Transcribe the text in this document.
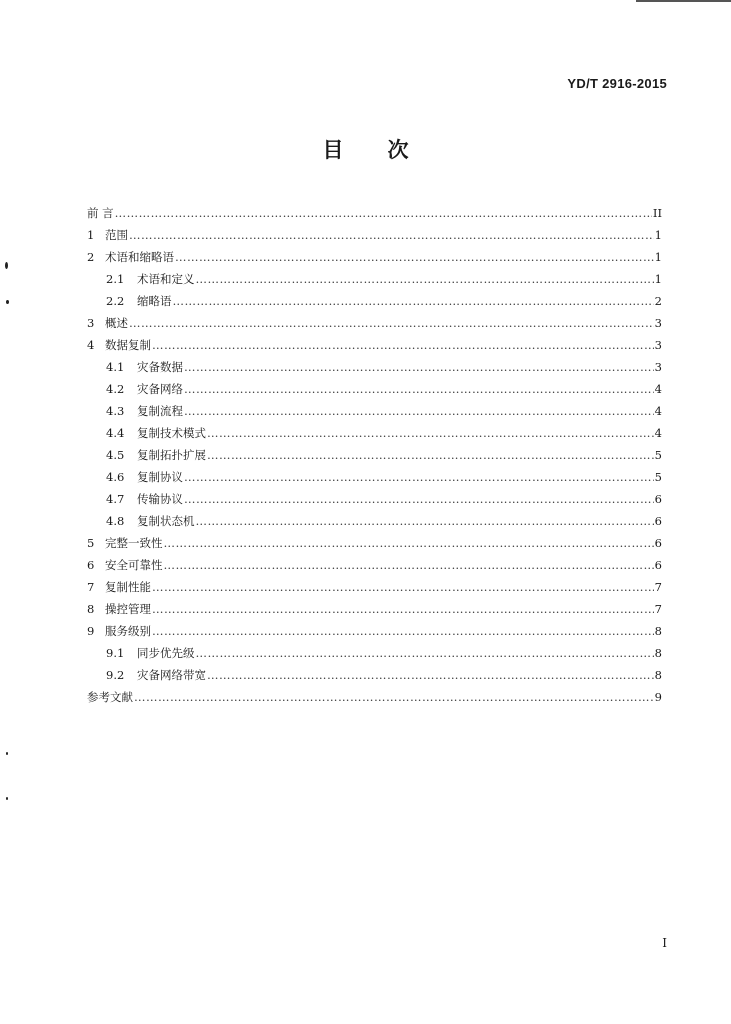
YD/T 2916-2015
目 次
前 言 …………………………………………………………………………………………………………………………………………………………………………………………………………………………………………	II
1 范围 …………………………………………………………………………………………………………………………………………………………………………………………………………………………………………	1
2 术语和缩略语 …………………………………………………………………………………………………………………………………………………………………………………………………………………………………………	1
2.1	术语和定义 …………………………………………………………………………………………………………………………………………………………………………………………………………………………………………	1
2.2	缩略语 …………………………………………………………………………………………………………………………………………………………………………………………………………………………………………	2
3 概述 …………………………………………………………………………………………………………………………………………………………………………………………………………………………………………	3
4 数据复制 …………………………………………………………………………………………………………………………………………………………………………………………………………………………………………	3
4.1	灾备数据 …………………………………………………………………………………………………………………………………………………………………………………………………………………………………………	3
4.2	灾备网络 …………………………………………………………………………………………………………………………………………………………………………………………………………………………………………	4
4.3	复制流程 …………………………………………………………………………………………………………………………………………………………………………………………………………………………………………	4
4.4	复制技术模式 …………………………………………………………………………………………………………………………………………………………………………………………………………………………………………	4
4.5	复制拓扑扩展 …………………………………………………………………………………………………………………………………………………………………………………………………………………………………………	5
4.6	复制协议 …………………………………………………………………………………………………………………………………………………………………………………………………………………………………………	5
4.7	传输协议 …………………………………………………………………………………………………………………………………………………………………………………………………………………………………………	6
4.8	复制状态机 …………………………………………………………………………………………………………………………………………………………………………………………………………………………………………	6
5 完整一致性 …………………………………………………………………………………………………………………………………………………………………………………………………………………………………………	6
6 安全可靠性 …………………………………………………………………………………………………………………………………………………………………………………………………………………………………………	6
7 复制性能 …………………………………………………………………………………………………………………………………………………………………………………………………………………………………………	7
8 操控管理 …………………………………………………………………………………………………………………………………………………………………………………………………………………………………………	7
9 服务级别 …………………………………………………………………………………………………………………………………………………………………………………………………………………………………………	8
9.1	同步优先级 …………………………………………………………………………………………………………………………………………………………………………………………………………………………………………	8
9.2	灾备网络带宽 …………………………………………………………………………………………………………………………………………………………………………………………………………………………………………	8
参考文献 …………………………………………………………………………………………………………………………………………………………………………………………………………………………………………	9
I
